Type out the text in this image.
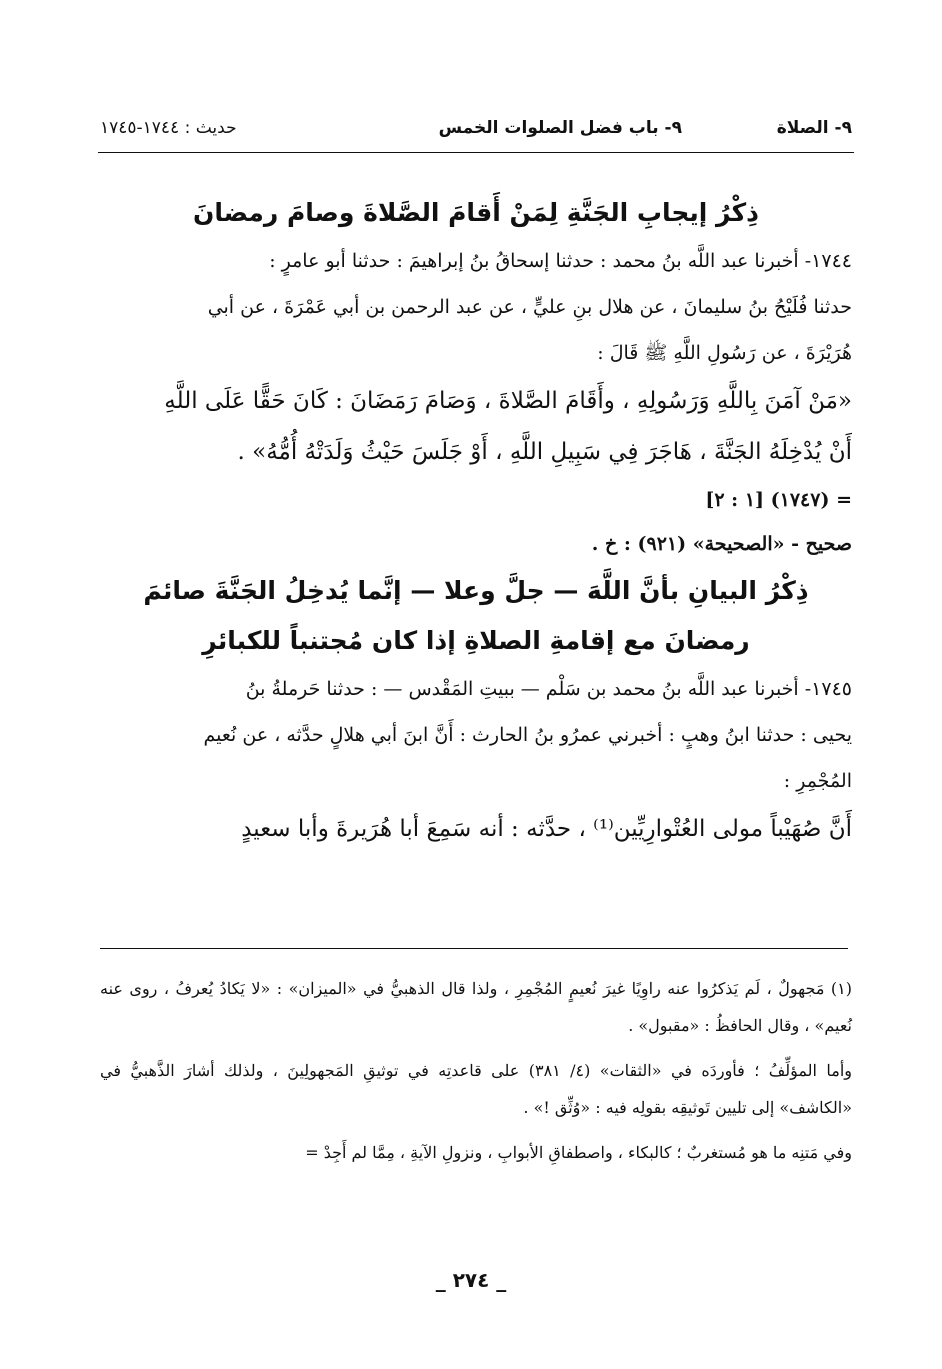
٩- الصلاة
٩- باب فضل الصلوات الخمس
حديث : ١٧٤٤-١٧٤٥

ذِكْرُ إيجابِ الجَنَّةِ لِمَنْ أَقامَ الصَّلاةَ وصامَ رمضانَ

١٧٤٤- أخبرنا عبد اللَّه بنُ محمد : حدثنا إسحاقُ بنُ إبراهيمَ : حدثنا أبو عامرٍ :

حدثنا فُلَيْحُ بنُ سليمانَ ، عن هلال بنِ عليٍّ ، عن عبد الرحمن بن أبي عَمْرَةَ ، عن أبي

هُرَيْرَةَ ، عن رَسُولِ اللَّهِ ﷺ قَالَ :

«مَنْ آمَنَ بِاللَّهِ وَرَسُولِهِ ، وأَقَامَ الصَّلاةَ ، وَصَامَ رَمَضَانَ : كَانَ حَقًّا عَلَى اللَّهِ

أَنْ يُدْخِلَهُ الجَنَّةَ ، هَاجَرَ فِي سَبِيلِ اللَّهِ ، أَوْ جَلَسَ حَيْثُ وَلَدَتْهُ أُمُّهُ» .

= (١٧٤٧) [١ : ٢]

صحيح - «الصحيحة» (٩٢١) : خ .

ذِكْرُ البيانِ بأنَّ اللَّهَ — جلَّ وعلا — إنَّما يُدخِلُ الجَنَّةَ صائمَ

رمضانَ مع إقامةِ الصلاةِ إذا كان مُجتنباً للكبائرِ

١٧٤٥- أخبرنا عبد اللَّه بنُ محمد بن سَلْم — ببيتِ المَقْدس — : حدثنا حَرملةُ بنُ

يحيى : حدثنا ابنُ وهبٍ : أخبرني عمرُو بنُ الحارث : أَنَّ ابنَ أبي هلالٍ حدَّثه ، عن نُعيم

المُجْمِرِ :

أَنَّ صُهَيْباً مولى العُتْوارِيِّين⁽¹⁾ ، حدَّثه : أنه سَمِعَ أبا هُرَيرةَ وأبا سعيدٍ

(١) مَجهولٌ ، لَم يَذكرُوا عنه راوِيًا غيرَ نُعيمٍ المُجْمِرِ ، ولذا قال الذهبيُّ في «الميزان» : «لا يَكادُ يُعرفُ ، روى عنه نُعيم» ، وقال الحافظُ : «مقبول» .

وأما المؤلِّفُ ؛ فأوردَه في «الثقات» (٤/ ٣٨١) على قاعدتِه في توثيقِ المَجهولِينَ ، ولذلك أشارَ الذَّهبيُّ في «الكاشف» إلى تليين تَوثيقِه بقولِه فيه : «وُثِّق !» .

وفي مَتنِه ما هو مُستغربٌ ؛ كالبكاء ، واصطفاقِ الأبوابِ ، ونزولِ الآيةِ ، مِمَّا لم أَجِدْ =

_ ٢٧٤ _
